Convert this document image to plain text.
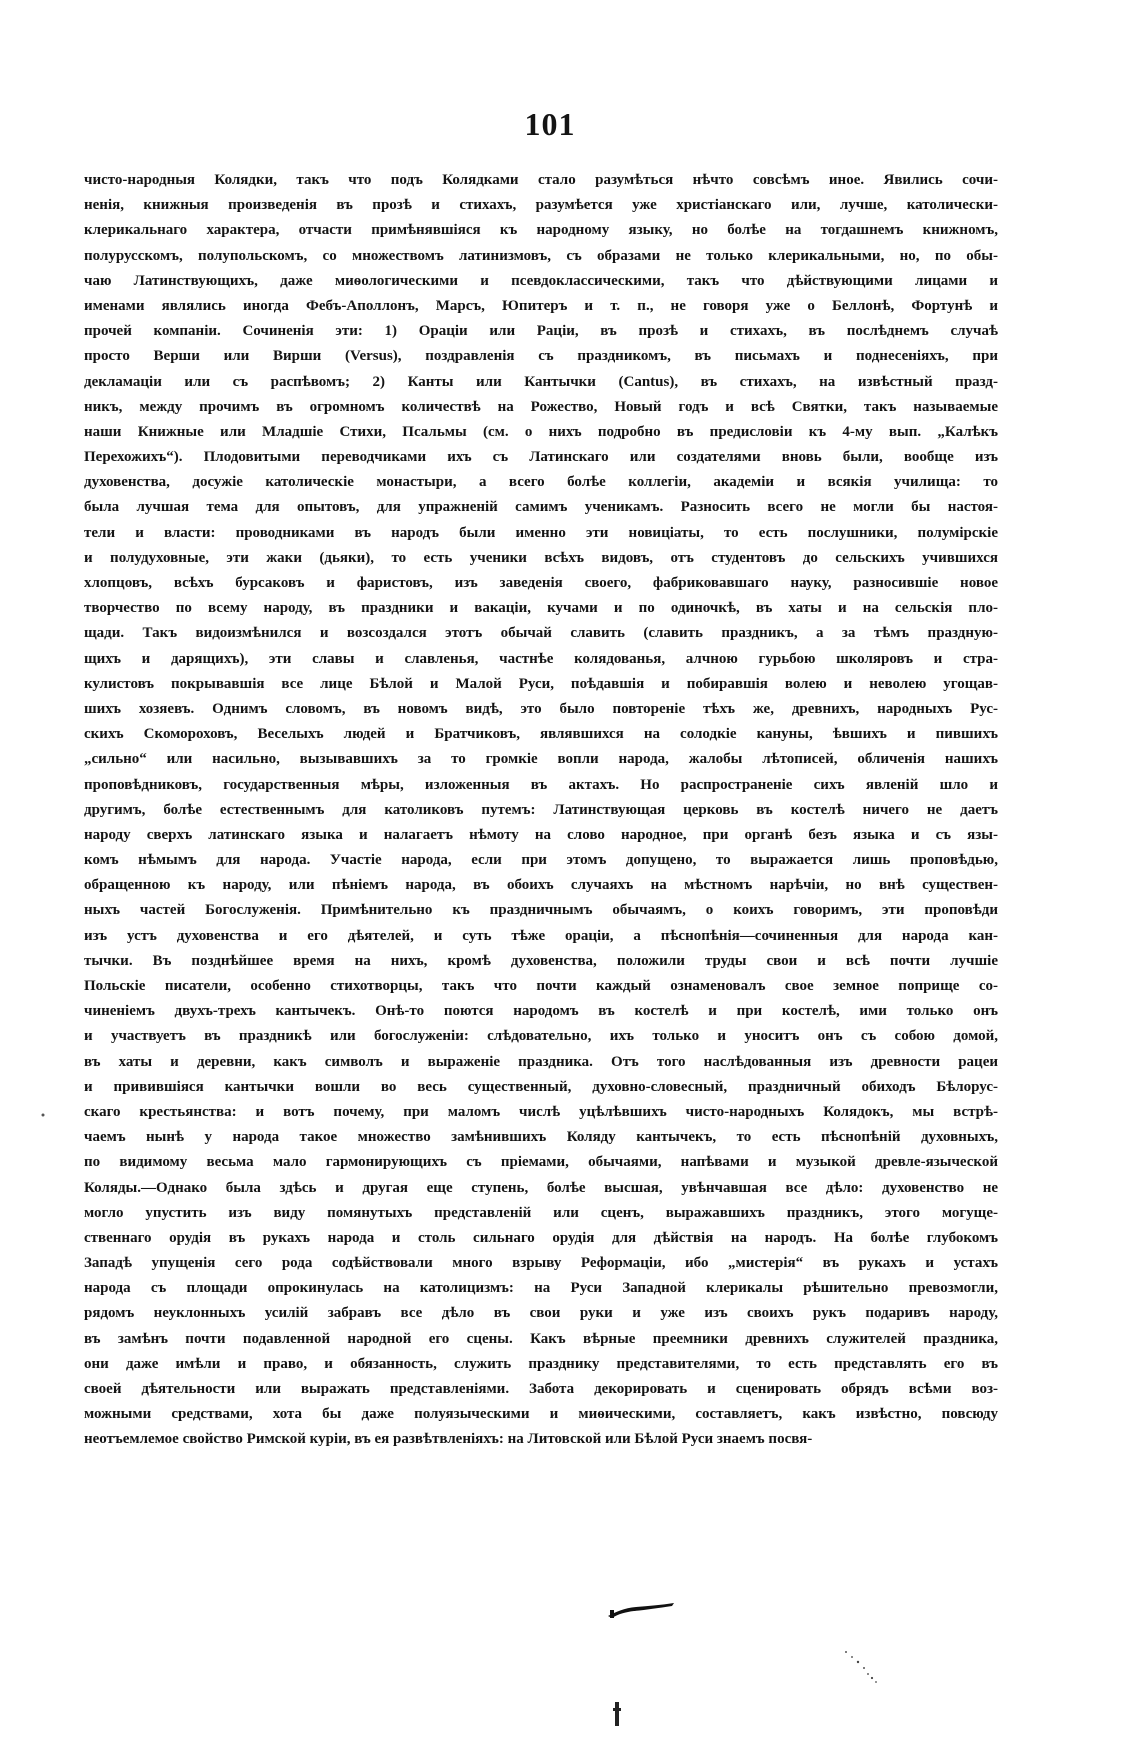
101
чисто-народныя Колядки, такъ что подъ Колядками стало разумѣться нѣчто совсѣмъ иное. Явились сочи-
ненія, книжныя произведенія въ прозѣ и стихахъ, разумѣется уже христіанскаго или, лучше, католически-
клерикальнаго характера, отчасти примѣнявшіяся къ народному языку, но болѣе на тогдашнемъ книжномъ,
полурусскомъ, полупольскомъ, со множествомъ латинизмовъ, съ образами не только клерикальными, но, по обы-
чаю Латинствующихъ, даже миѳологическими и псевдоклассическими, такъ что дѣйствующими лицами и
именами являлись иногда Фебъ-Аполлонъ, Марсъ, Юпитеръ и т. п., не говоря уже о Беллонѣ, Фортунѣ и
прочей компаніи. Сочиненія эти: 1) Ораціи или Раціи, въ прозѣ и стихахъ, въ послѣднемъ случаѣ
просто Верши или Вирши (Versus), поздравленія съ праздникомъ, въ письмахъ и поднесеніяхъ, при
декламаціи или съ распѣвомъ; 2) Канты или Кантычки (Cantus), въ стихахъ, на извѣстный празд-
никъ, между прочимъ въ огромномъ количествѣ на Рожество, Новый годъ и всѣ Святки, такъ называемые
наши Книжные или Младшіе Стихи, Псальмы (см. о нихъ подробно въ предисловіи къ 4-му вып. „Калѣкъ
Перехожихъ“). Плодовитыми переводчиками ихъ съ Латинскаго или создателями вновь были, вообще изъ
духовенства, досужіе католическіе монастыри, а всего болѣе коллегіи, академіи и всякія училища: то
была лучшая тема для опытовъ, для упражненій самимъ ученикамъ. Разносить всего не могли бы настоя-
тели и власти: проводниками въ народъ были именно эти новиціаты, то есть послушники, полумірскіе
и полудуховные, эти жаки (дьяки), то есть ученики всѣхъ видовъ, отъ студентовъ до сельскихъ учившихся
хлопцовъ, всѣхъ бурсаковъ и фаристовъ, изъ заведенія своего, фабриковавшаго науку, разносившіе новое
творчество по всему народу, въ праздники и вакаціи, кучами и по одиночкѣ, въ хаты и на сельскія пло-
щади. Такъ видоизмѣнился и возсоздался этотъ обычай славить (славить праздникъ, а за тѣмъ праздную-
щихъ и дарящихъ), эти славы и славленья, частнѣе колядованья, алчною гурьбою школяровъ и стра-
кулистовъ покрывавшія все лице Бѣлой и Малой Руси, поѣдавшія и побиравшія волею и неволею угощав-
шихъ хозяевъ. Однимъ словомъ, въ новомъ видѣ, это было повтореніе тѣхъ же, древнихъ, народныхъ Рус-
скихъ Скомороховъ, Веселыхъ людей и Братчиковъ, являвшихся на солодкіе кануны, ѣвшихъ и пившихъ
„сильно“ или насильно, вызывавшихъ за то громкіе вопли народа, жалобы лѣтописей, обличенія нашихъ
проповѣдниковъ, государственныя мѣры, изложенныя въ актахъ. Но распространеніе сихъ явленій шло и
другимъ, болѣе естественнымъ для католиковъ путемъ: Латинствующая церковь въ костелѣ ничего не даетъ
народу сверхъ латинскаго языка и налагаетъ нѣмоту на слово народное, при органѣ безъ языка и съ язы-
комъ нѣмымъ для народа. Участіе народа, если при этомъ допущено, то выражается лишь проповѣдью,
обращенною къ народу, или пѣніемъ народа, въ обоихъ случаяхъ на мѣстномъ нарѣчіи, но внѣ существен-
ныхъ частей Богослуженія. Примѣнительно къ праздничнымъ обычаямъ, о коихъ говоримъ, эти проповѣди
изъ устъ духовенства и его дѣятелей, и суть тѣже ораціи, а пѣснопѣнія—сочиненныя для народа кан-
тычки. Въ позднѣйшее время на нихъ, кромѣ духовенства, положили труды свои и всѣ почти лучшіе
Польскіе писатели, особенно стихотворцы, такъ что почти каждый ознаменовалъ свое земное поприще со-
чиненіемъ двухъ-трехъ кантычекъ. Онѣ-то поются народомъ въ костелѣ и при костелѣ, ими только онъ
и участвуетъ въ праздникѣ или богослуженіи: слѣдовательно, ихъ только и уноситъ онъ съ собою домой,
въ хаты и деревни, какъ символъ и выраженіе праздника. Отъ того наслѣдованныя изъ древности рацеи
и привившіяся кантычки вошли во весь существенный, духовно-словесный, праздничный обиходъ Бѣлорус-
скаго крестьянства: и вотъ почему, при маломъ числѣ уцѣлѣвшихъ чисто-народныхъ Колядокъ, мы встрѣ-
чаемъ нынѣ у народа такое множество замѣнившихъ Коляду кантычекъ, то есть пѣснопѣній духовныхъ,
по видимому весьма мало гармонирующихъ съ пріемами, обычаями, напѣвами и музыкой древле-языческой
Коляды.—Однако была здѣсь и другая еще ступень, болѣе высшая, увѣнчавшая все дѣло: духовенство не
могло упустить изъ виду помянутыхъ представленій или сценъ, выражавшихъ праздникъ, этого могуще-
ственнаго орудія въ рукахъ народа и столь сильнаго орудія для дѣйствія на народъ. На болѣе глубокомъ
Западѣ упущенія сего рода содѣйствовали много взрыву Реформаціи, ибо „мистерія“ въ рукахъ и устахъ
народа съ площади опрокинулась на католицизмъ: на Руси Западной клерикалы рѣшительно превозмогли,
рядомъ неуклонныхъ усилій забравъ все дѣло въ свои руки и уже изъ своихъ рукъ подаривъ народу,
въ замѣнъ почти подавленной народной его сцены. Какъ вѣрные преемники древнихъ служителей праздника,
они даже имѣли и право, и обязанность, служить празднику представителями, то есть представлять его въ
своей дѣятельности или выражать представленіями. Забота декорировать и сценировать обрядъ всѣми воз-
можными средствами, хота бы даже полуязыческими и миѳическими, составляетъ, какъ извѣстно, повсюду
неотъемлемое свойство Римской куріи, въ ея развѣтвленіяхъ: на Литовской или Бѣлой Руси знаемъ посвя-
